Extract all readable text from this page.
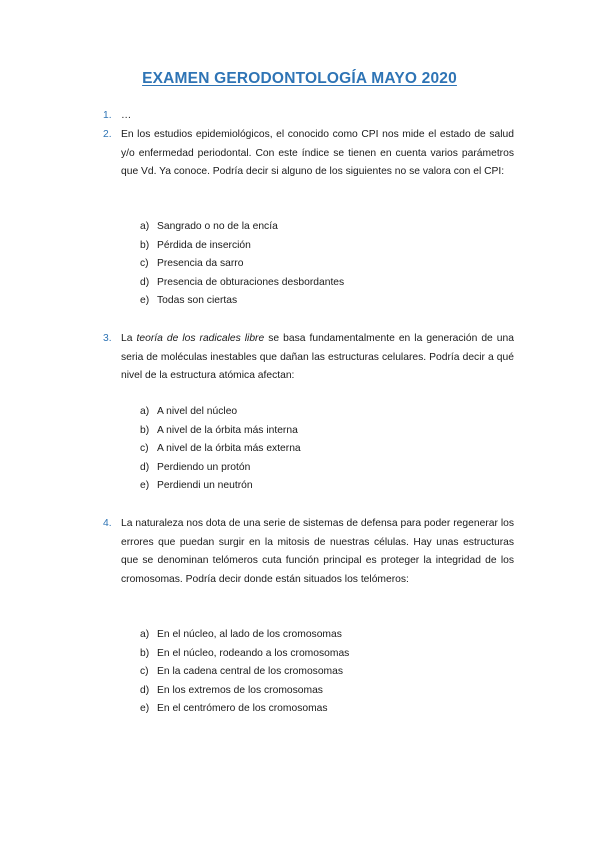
EXAMEN GERODONTOLOGÍA MAYO 2020
1. …
2. En los estudios epidemiológicos, el conocido como CPI nos mide el estado de salud y/o enfermedad periodontal. Con este índice se tienen en cuenta varios parámetros que Vd. Ya conoce. Podría decir si alguno de los siguientes no se valora con el CPI:
a) Sangrado o no de la encía
b) Pérdida de inserción
c) Presencia da sarro
d) Presencia de obturaciones desbordantes
e) Todas son ciertas
3. La teoría de los radicales libre se basa fundamentalmente en la generación de una seria de moléculas inestables que dañan las estructuras celulares. Podría decir a qué nivel de la estructura atómica afectan:
a) A nivel del núcleo
b) A nivel de la órbita más interna
c) A nivel de la órbita más externa
d) Perdiendo un protón
e) Perdiendi un neutrón
4. La naturaleza nos dota de una serie de sistemas de defensa para poder regenerar los errores que puedan surgir en la mitosis de nuestras células. Hay unas estructuras que se denominan telómeros cuta función principal es proteger la integridad de los cromosomas. Podría decir donde están situados los telómeros:
a) En el núcleo, al lado de los cromosomas
b) En el núcleo, rodeando a los cromosomas
c) En la cadena central de los cromosomas
d) En los extremos de los cromosomas
e) En el centrómero de los cromosomas
